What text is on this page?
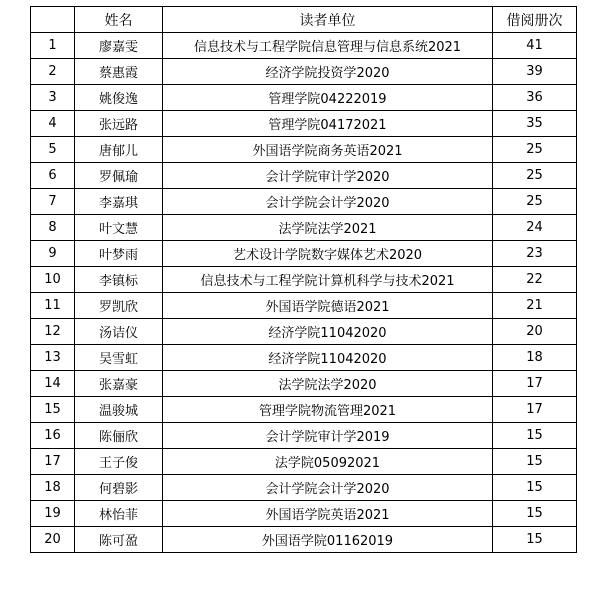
	姓名	读者单位	借阅册次
1	廖嘉雯	信息技术与工程学院信息管理与信息系统2021	41
2	蔡惠霞	经济学院投资学2020	39
3	姚俊逸	管理学院04222019	36
4	张远路	管理学院04172021	35
5	唐郁儿	外国语学院商务英语2021	25
6	罗佩瑜	会计学院审计学2020	25
7	李嘉琪	会计学院会计学2020	25
8	叶文慧	法学院法学2021	24
9	叶梦雨	艺术设计学院数字媒体艺术2020	23
10	李镇标	信息技术与工程学院计算机科学与技术2021	22
11	罗凯欣	外国语学院德语2021	21
12	汤诘仪	经济学院11042020	20
13	吴雪虹	经济学院11042020	18
14	张嘉豪	法学院法学2020	17
15	温骏城	管理学院物流管理2021	17
16	陈俪欣	会计学院审计学2019	15
17	王子俊	法学院05092021	15
18	何碧影	会计学院会计学2020	15
19	林怡菲	外国语学院英语2021	15
20	陈可盈	外国语学院01162019	15
